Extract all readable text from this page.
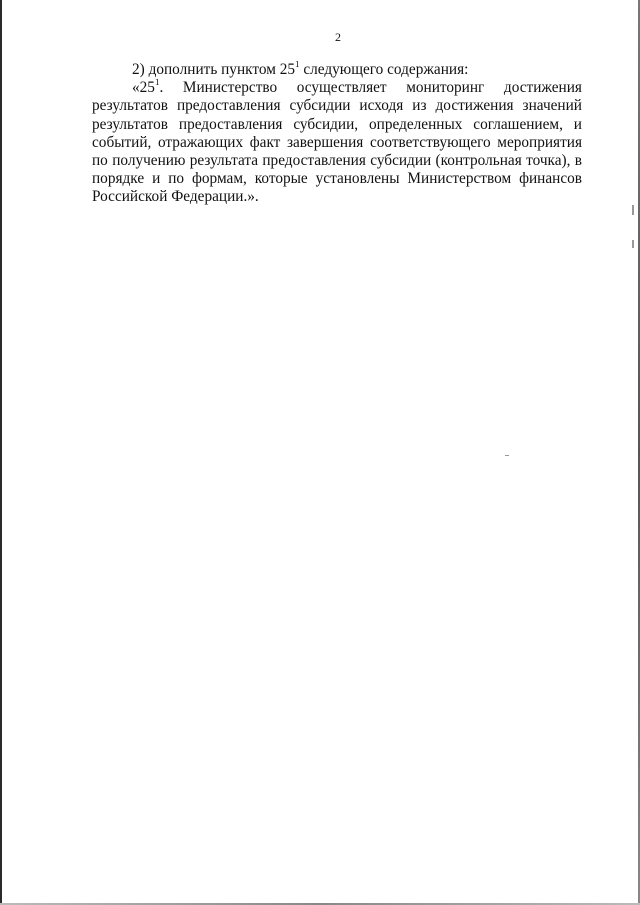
2
2) дополнить пунктом $25^1$ следующего содержания:
«$25^1$. Министерство осуществляет мониторинг достижения
результатов предоставления субсидии исходя из достижения значений
результатов предоставления субсидии, определенных соглашением, и
событий, отражающих факт завершения соответствующего мероприятия
по получению результата предоставления субсидии (контрольная точка), в
порядке и по формам, которые установлены Министерством финансов
Российской Федерации.».
